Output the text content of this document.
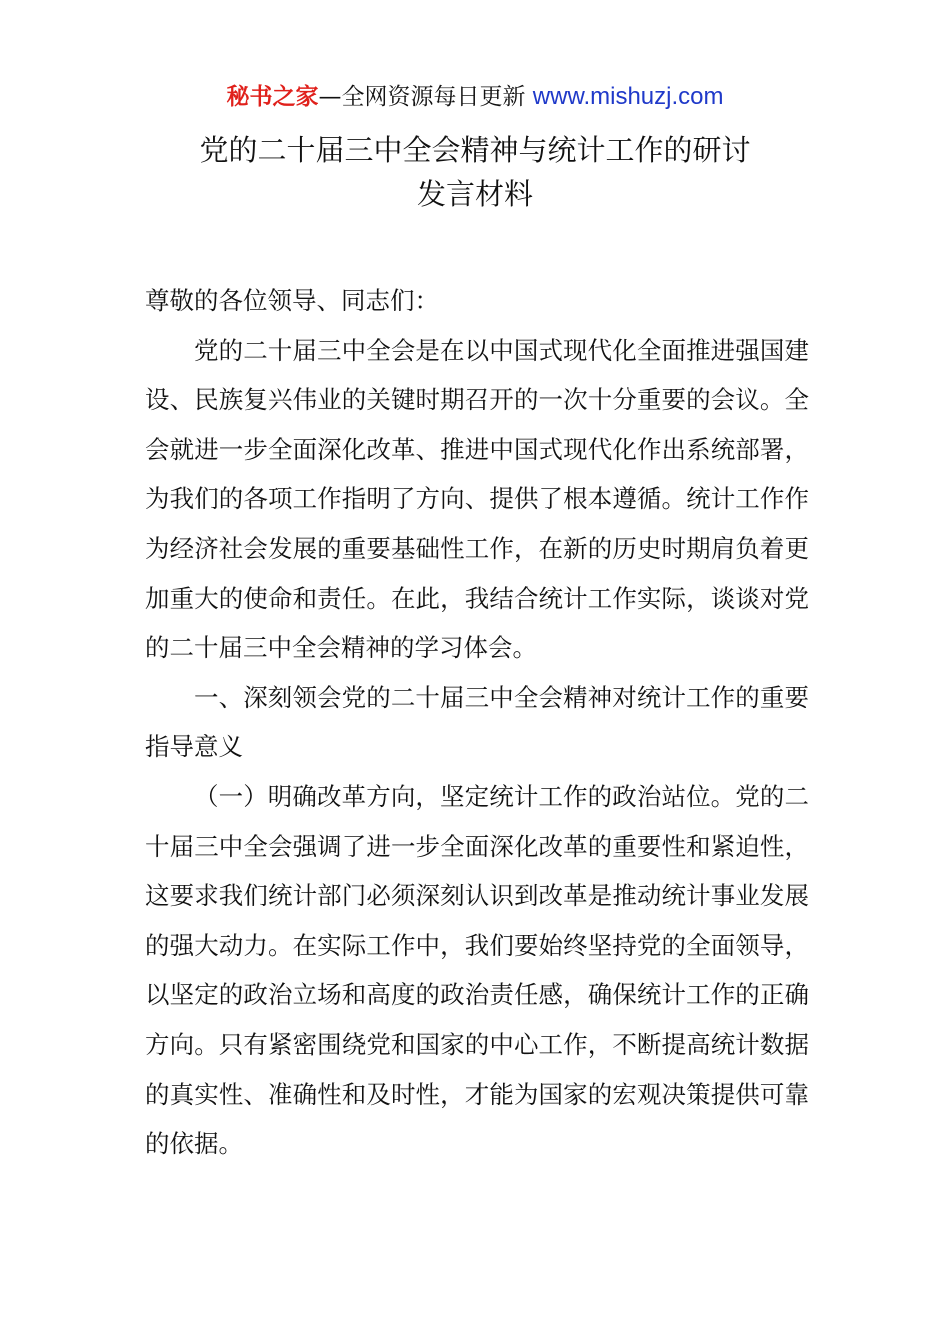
秘书之家—全网资源每日更新 www.mishuzj.com
党的二十届三中全会精神与统计工作的研讨
发言材料

尊敬的各位领导、同志们：

党的二十届三中全会是在以中国式现代化全面推进强国建设、民族复兴伟业的关键时期召开的一次十分重要的会议。全会就进一步全面深化改革、推进中国式现代化作出系统部署，为我们的各项工作指明了方向、提供了根本遵循。统计工作作为经济社会发展的重要基础性工作，在新的历史时期肩负着更加重大的使命和责任。在此，我结合统计工作实际，谈谈对党的二十届三中全会精神的学习体会。

一、深刻领会党的二十届三中全会精神对统计工作的重要指导意义

（一）明确改革方向，坚定统计工作的政治站位。党的二十届三中全会强调了进一步全面深化改革的重要性和紧迫性，这要求我们统计部门必须深刻认识到改革是推动统计事业发展的强大动力。在实际工作中，我们要始终坚持党的全面领导，以坚定的政治立场和高度的政治责任感，确保统计工作的正确方向。只有紧密围绕党和国家的中心工作，不断提高统计数据的真实性、准确性和及时性，才能为国家的宏观决策提供可靠的依据。
